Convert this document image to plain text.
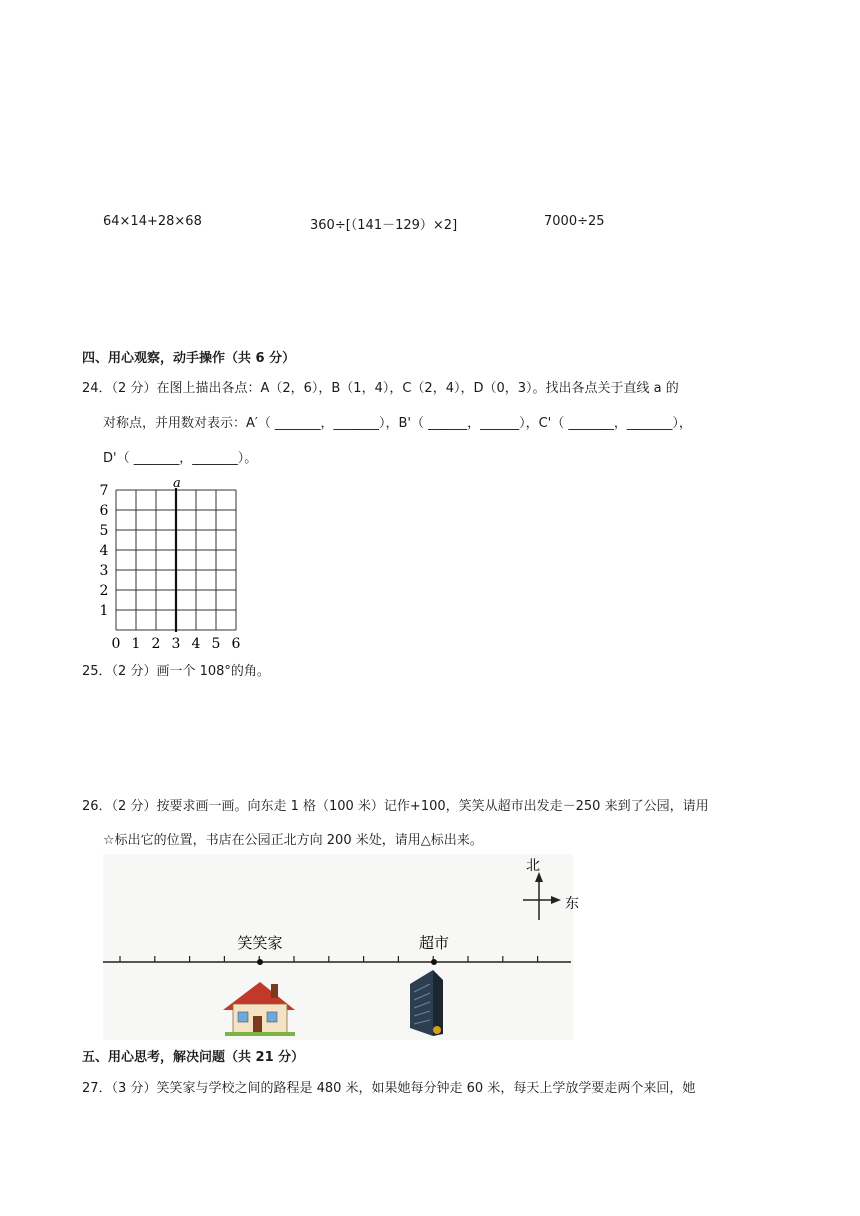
64×14+28×68	360÷[（141－129）×2]	7000÷25
四、用心观察，动手操作（共 6 分）
24．（2 分）在图上描出各点：A（2，6），B（1，4），C（2，4），D（0，3）。找出各点关于直线 a 的
对称点，并用数对表示：A′（ _______，_______），B'（ ______，______），C'（ _______，_______），
D'（ _______，_______）。
a
0 1 2 3 4 5 6
1
2
3
4
5
6
7
25．（2 分）画一个 108°的角。
26．（2 分）按要求画一画。向东走 1 格（100 米）记作+100，笑笑从超市出发走－250 来到了公园，请用
☆标出它的位置，书店在公园正北方向 200 米处，请用△标出来。
北
东
笑笑家	超市
五、用心思考，解决问题（共 21 分）
27．（3 分）笑笑家与学校之间的路程是 480 米，如果她每分钟走 60 米，每天上学放学要走两个来回，她
